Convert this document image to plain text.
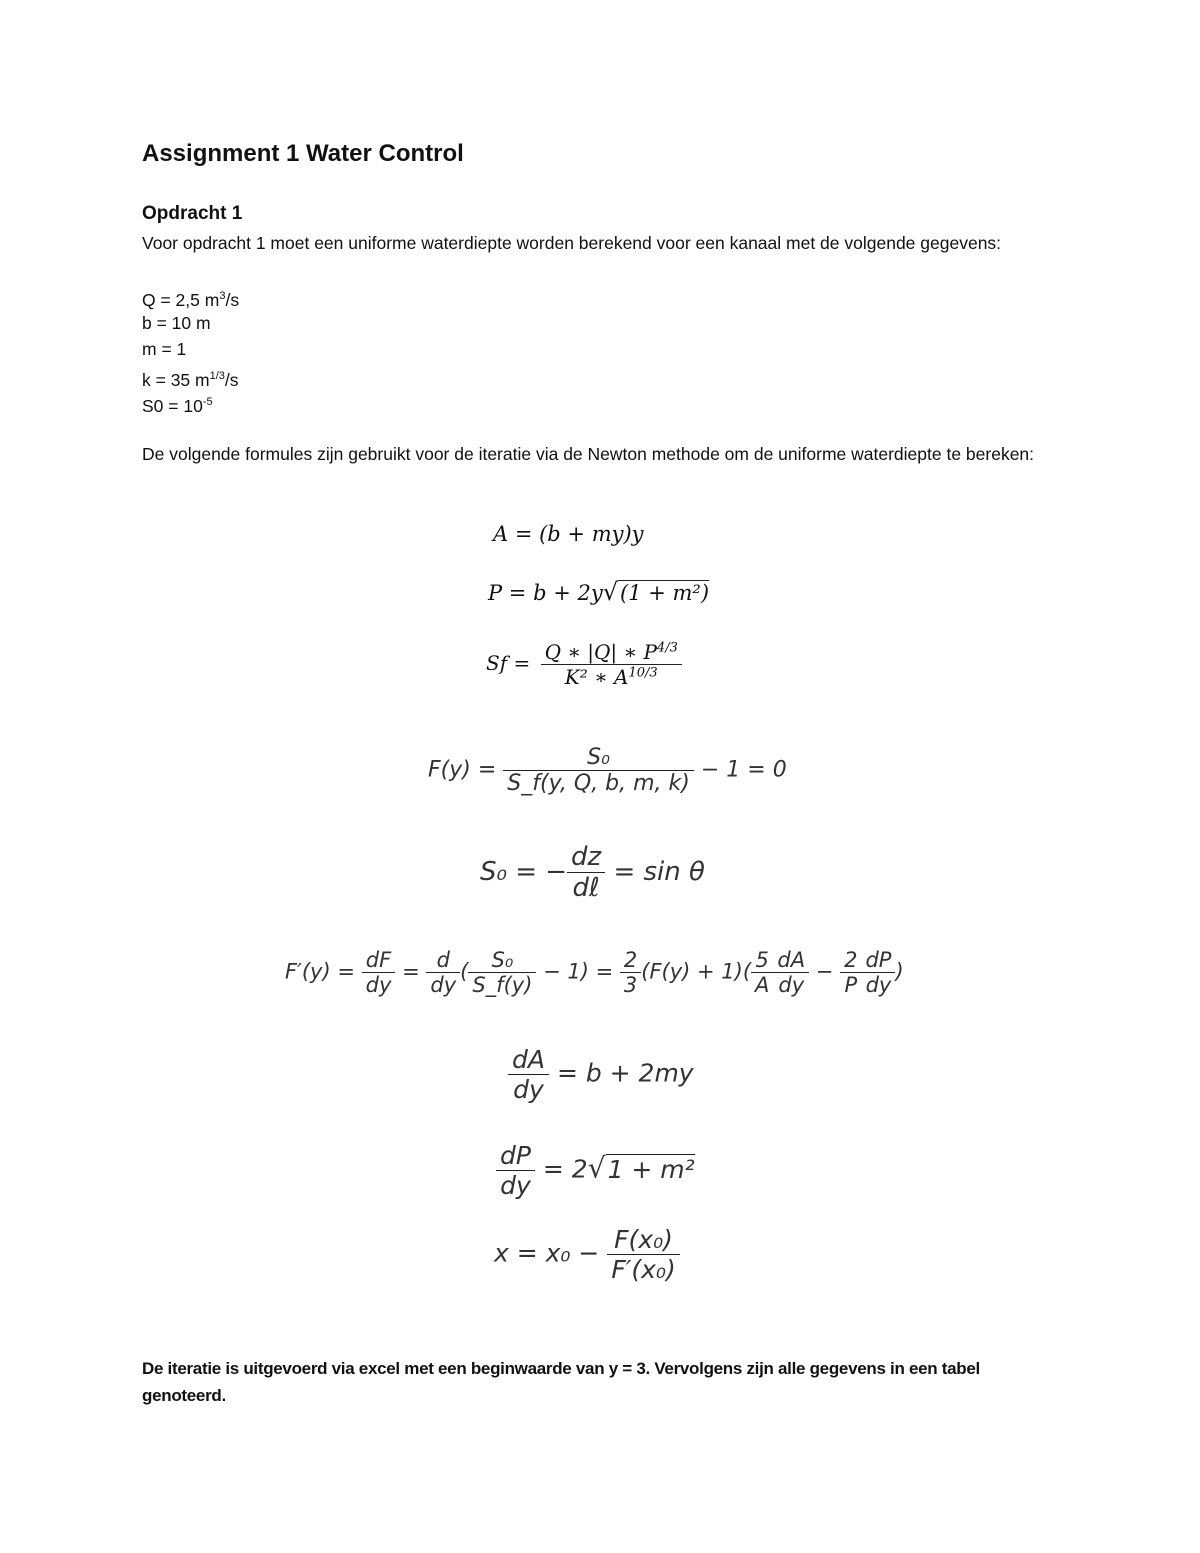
Assignment 1 Water Control
Opdracht 1
Voor opdracht 1 moet een uniforme waterdiepte worden berekend voor een kanaal met de volgende gegevens:
Q = 2,5 $m^3/s$
b = 10 m
m = 1
k = 35 $m^{1/3}/s$
$S0 = 10^{-5}$
De volgende formules zijn gebruikt voor de iteratie via de Newton methode om de uniforme waterdiepte te bereken:
A = (b + my)y
P = b + 2y√(1 + m²)
$Sf = \frac{Q ∗ |Q| ∗ P^{4/3}}{K^2 ∗ A^{10/3}}$
$F(y) = \frac{\text{S₀}}{S\_f(y, Q, b, m, k)} - 1 = 0$
S₀ = − $\frac{dz}{\text{dℓ}} = \sin \theta$
$F'(y) = \frac{dF}{dy} = \frac{d}{dy}$ ( $\frac{\text{S₀}}{S\_f(y)} - 1) = \frac{2}{3} (F(y) + 1)( \frac{5}{A} \frac{dA}{dy} - \frac{2}{P} \frac{dP}{dy}$ )
$\frac{dA}{dy} = b + 2my$
$\frac{dP}{dy} = 2√1 + m^2$
$x = x_0 - \frac{\text{F(x₀)}}{\text{F′(x₀)}}$
De iteratie is uitgevoerd via excel met een beginwaarde van y = 3. Vervolgens zijn alle gegevens in een tabel genoteerd.
